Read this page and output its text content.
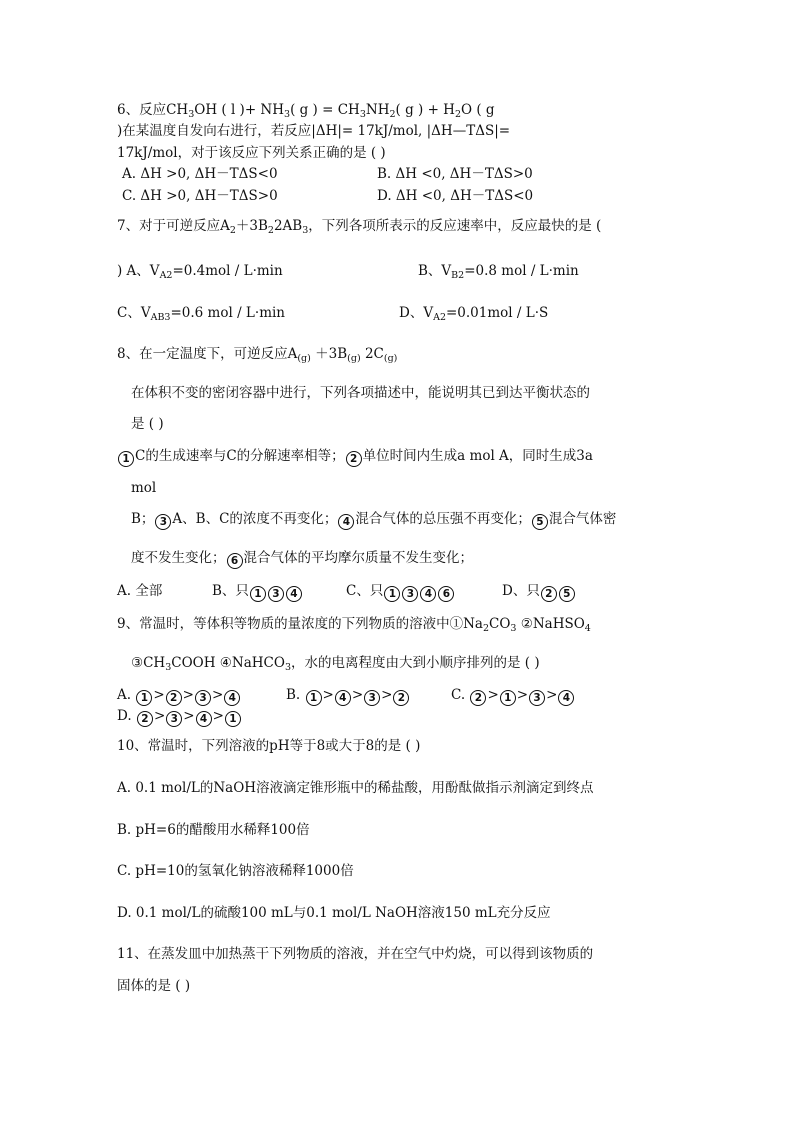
6、反应$CH_3OH$ ( l )+ $NH_3$( g ) = $CH_3NH_2$( g ) + $H_2O$ ( g
)在某温度自发向右进行，若反应|ΔH|= 17kJ/mol, |ΔH—TΔS|=
17kJ/mol，对于该反应下列关系正确的是 ( )
A. ΔH >0, ΔH－TΔS<0	B. ΔH <0, ΔH－TΔS>0
C. ΔH >0, ΔH－TΔS>0	D. ΔH <0, ΔH－TΔS<0
7、对于可逆反应$A_2+3B_22AB_3$，下列各项所表示的反应速率中，反应最快的是 (
) A、$V_{A2}=0.4mol / L\cdot\min$	B、$V_{B2}=0.8$ mol / L·min
C、$V_{AB3}=0.6$ mol / L·min	D、$V_{A2}=0.01mol / L\cdot S$
8、在一定温度下，可逆反应$A_{(g)} +3B_{(g)}$ $2C_{(g)}$
在体积不变的密闭容器中进行，下列各项描述中，能说明其已到达平衡状态的
是 ( )
1 C的生成速率与C的分解速率相等； 2 单位时间内生成a mol A，同时生成3a
mol
B； 3 A、B、C的浓度不再变化； 4 混合气体的总压强不再变化； 5 混合气体密
度不发生变化； 6 混合气体的平均摩尔质量不发生变化；
A. 全部	B、只 1 3 4	C、只 1 3 4 6	D、只 2 5
9、常温时，等体积等物质的量浓度的下列物质的溶液中$①Na_2CO_3$ ②NaHSO$_4$
$③CH_3COOH$ ④NaHCO$_3$，水的电离程度由大到小顺序排列的是 ( )
A. 1 > 2 > 3 > 4	B. 1 > 4 > 3 > 2	C. 2 > 1 > 3 > 4
D. 2 > 3 > 4 > 1
10、常温时，下列溶液的pH等于8或大于8的是 ( )
A. 0.1 mol/L的NaOH溶液滴定锥形瓶中的稀盐酸，用酚酞做指示剂滴定到终点
B. pH=6的醋酸用水稀释100倍
C. pH=10的氢氧化钠溶液稀释1000倍
D. 0.1 mol/L的硫酸100 mL与0.1 mol/L NaOH溶液150 mL充分反应
11、在蒸发皿中加热蒸干下列物质的溶液，并在空气中灼烧，可以得到该物质的
固体的是 ( )
